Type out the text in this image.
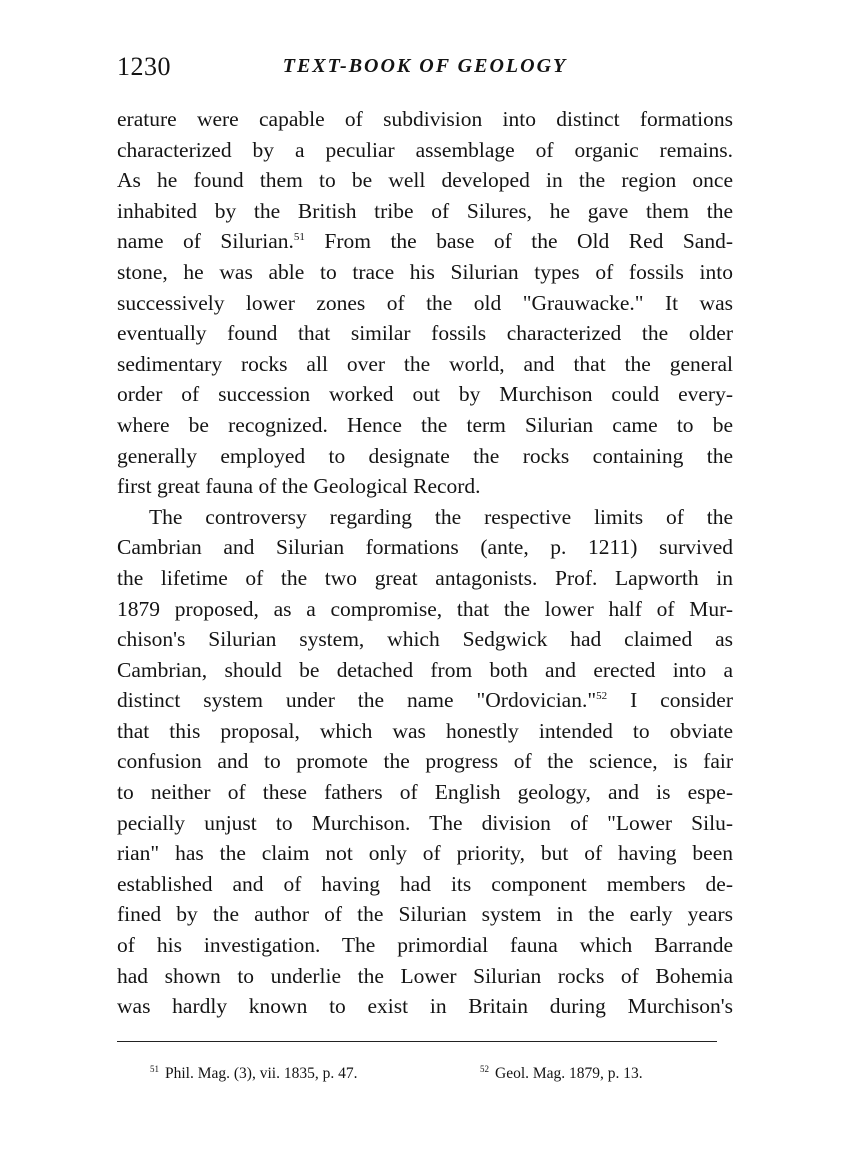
1230	TEXT-BOOK OF GEOLOGY
erature were capable of subdivision into distinct formations
characterized by a peculiar assemblage of organic remains.
As he found them to be well developed in the region once
inhabited by the British tribe of Silures, he gave them the
name of Silurian.$^{51}$ From the base of the Old Red Sand-
stone, he was able to trace his Silurian types of fossils into
successively lower zones of the old "Grauwacke." It was
eventually found that similar fossils characterized the older
sedimentary rocks all over the world, and that the general
order of succession worked out by Murchison could every-
where be recognized. Hence the term Silurian came to be
generally employed to designate the rocks containing the
first great fauna of the Geological Record.
The controversy regarding the respective limits of the
Cambrian and Silurian formations (ante, p. 1211) survived
the lifetime of the two great antagonists. Prof. Lapworth in
1879 proposed, as a compromise, that the lower half of Mur-
chison's Silurian system, which Sedgwick had claimed as
Cambrian, should be detached from both and erected into a
distinct system under the name "Ordovician."$^{52}$ I consider
that this proposal, which was honestly intended to obviate
confusion and to promote the progress of the science, is fair
to neither of these fathers of English geology, and is espe-
pecially unjust to Murchison. The division of "Lower Silu-
rian" has the claim not only of priority, but of having been
established and of having had its component members de-
fined by the author of the Silurian system in the early years
of his investigation. The primordial fauna which Barrande
had shown to underlie the Lower Silurian rocks of Bohemia
was hardly known to exist in Britain during Murchison's
$^{51}$ Phil. Mag. (3), vii. 1835, p. 47.	$^{52}$ Geol. Mag. 1879, p. 13.
